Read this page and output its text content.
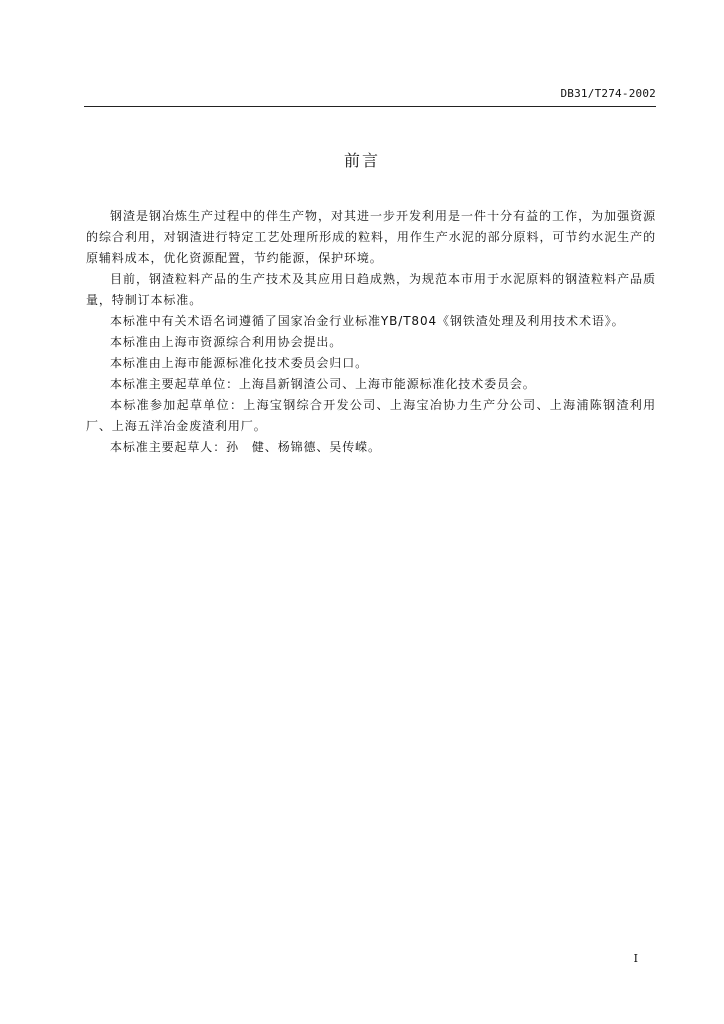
DB31/T274-2002
前言

钢渣是钢冶炼生产过程中的伴生产物，对其进一步开发利用是一件十分有益的工作，为加强资源的综合利用，对钢渣进行特定工艺处理所形成的粒料，用作生产水泥的部分原料，可节约水泥生产的原辅料成本，优化资源配置，节约能源，保护环境。

目前，钢渣粒料产品的生产技术及其应用日趋成熟，为规范本市用于水泥原料的钢渣粒料产品质量，特制订本标准。

本标准中有关术语名词遵循了国家冶金行业标准YB/T804《钢铁渣处理及利用技术术语》。

本标准由上海市资源综合利用协会提出。

本标准由上海市能源标准化技术委员会归口。

本标准主要起草单位：上海昌新钢渣公司、上海市能源标准化技术委员会。

本标准参加起草单位：上海宝钢综合开发公司、上海宝冶协力生产分公司、上海浦陈钢渣利用厂、上海五洋冶金废渣利用厂。

本标准主要起草人：孙　健、杨锦德、吴传嵘。

I
